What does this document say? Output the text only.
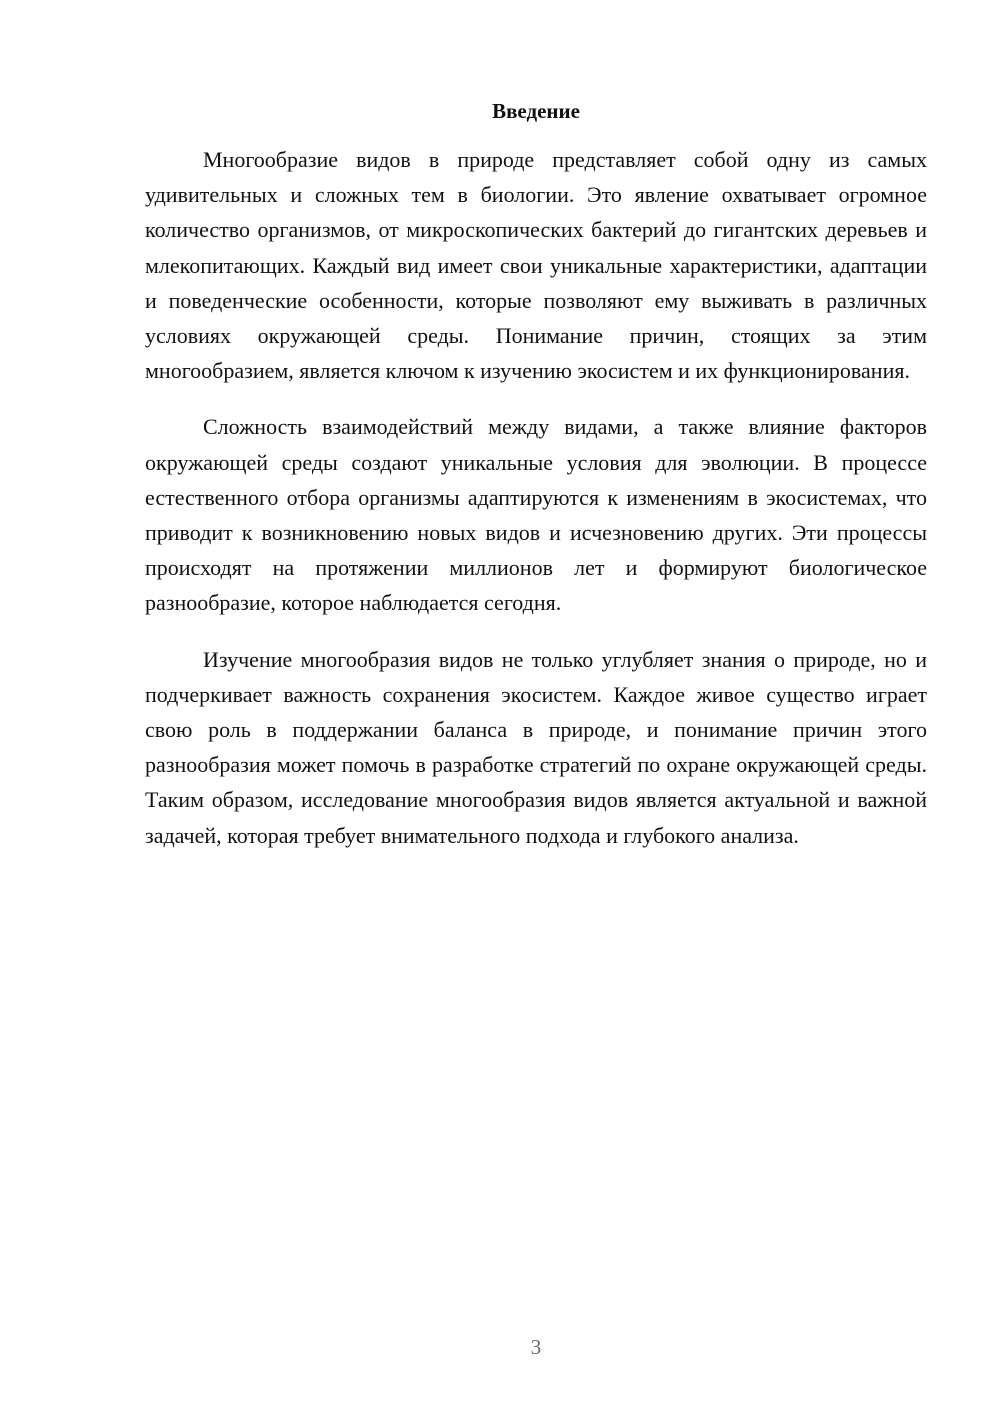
Введение

Многообразие видов в природе представляет собой одну из самых удивительных и сложных тем в биологии. Это явление охватывает огромное количество организмов, от микроскопических бактерий до гигантских деревьев и млекопитающих. Каждый вид имеет свои уникальные характеристики, адаптации и поведенческие особенности, которые позволяют ему выживать в различных условиях окружающей среды. Понимание причин, стоящих за этим многообразием, является ключом к изучению экосистем и их функционирования.

Сложность взаимодействий между видами, а также влияние факторов окружающей среды создают уникальные условия для эволюции. В процессе естественного отбора организмы адаптируются к изменениям в экосистемах, что приводит к возникновению новых видов и исчезновению других. Эти процессы происходят на протяжении миллионов лет и формируют биологическое разнообразие, которое наблюдается сегодня.

Изучение многообразия видов не только углубляет знания о природе, но и подчеркивает важность сохранения экосистем. Каждое живое существо играет свою роль в поддержании баланса в природе, и понимание причин этого разнообразия может помочь в разработке стратегий по охране окружающей среды. Таким образом, исследование многообразия видов является актуальной и важной задачей, которая требует внимательного подхода и глубокого анализа.

3
